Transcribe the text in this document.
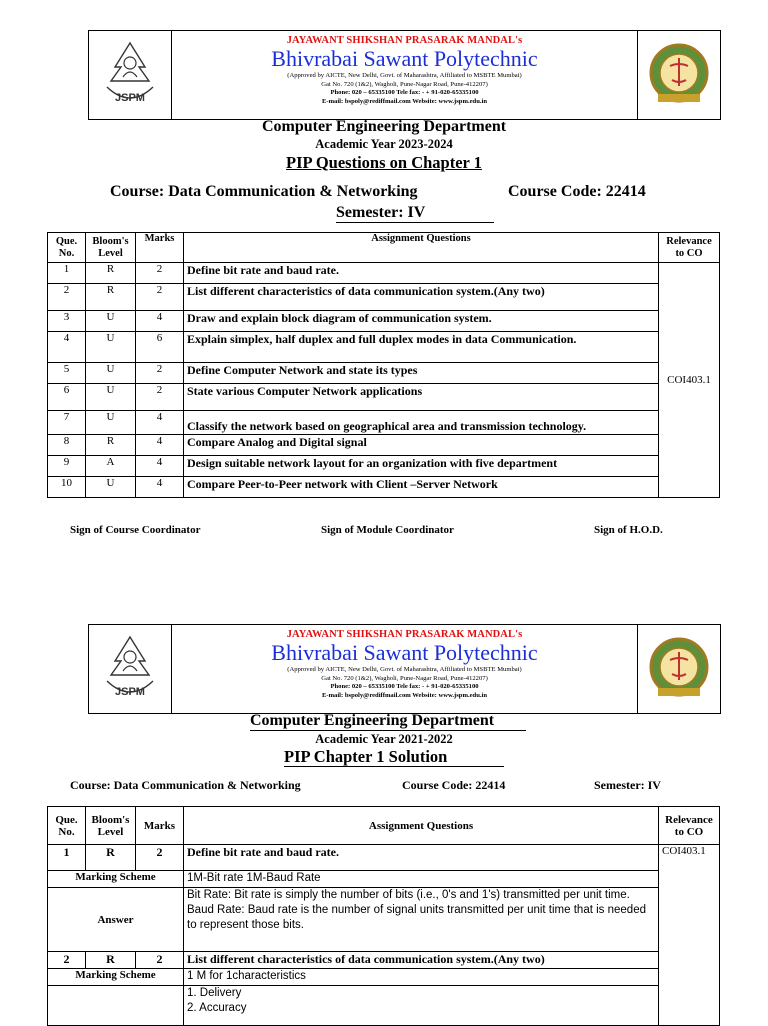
JSPM
JAYAWANT SHIKSHAN PRASARAK MANDAL's
Bhivrabai Sawant Polytechnic
(Approved by AICTE, New Delhi, Govt. of Maharashtra, Affiliated to MSBTE Mumbai)
Gat No. 720 (1&2), Wagholi, Pune-Nagar Road, Pune-412207)
Phone: 020 – 65335100 Tele fax: - + 91-020-65335100
E-mail: bspoly@rediffmail.com Website: www.jspm.edu.in
Computer Engineering Department
Academic Year 2023-2024
PIP Questions on Chapter 1
Course: Data Communication & Networking	Course Code: 22414
Semester: IV
Que. No.	Bloom's Level	Marks	Assignment Questions	Relevance to CO
1	R	2	Define bit rate and baud rate.	COI403.1
2	R	2	List different characteristics of data communication system.(Any two)	
3	U	4	Draw and explain block diagram of communication system.	
4	U	6	Explain simplex, half duplex and full duplex modes in data Communication.	
5	U	2	Define Computer Network and state its types	
6	U	2	State various Computer Network applications	
7	U	4	Classify the network based on geographical area and transmission technology.	
8	R	4	Compare Analog and Digital signal	
9	A	4	Design suitable network layout for an organization with five department	
10	U	4	Compare Peer-to-Peer network with Client –Server Network	
Sign of Course Coordinator	Sign of Module Coordinator	Sign of H.O.D.
JSPM
JAYAWANT SHIKSHAN PRASARAK MANDAL's
Bhivrabai Sawant Polytechnic
(Approved by AICTE, New Delhi, Govt. of Maharashtra, Affiliated to MSBTE Mumbai)
Gat No. 720 (1&2), Wagholi, Pune-Nagar Road, Pune-412207)
Phone: 020 – 65335100 Tele fax: - + 91-020-65335100
E-mail: bspoly@rediffmail.com Website: www.jspm.edu.in
Computer Engineering Department
Academic Year 2021-2022
PIP Chapter 1 Solution
Course: Data Communication & Networking	Course Code: 22414	Semester: IV
Que. No.	Bloom's Level	Marks	Assignment Questions	Relevance to CO
1	R	2	Define bit rate and baud rate.	COI403.1
Marking Scheme			1M-Bit rate 1M-Baud Rate	
Answer			Bit Rate: Bit rate is simply the number of bits (i.e., 0's and 1's) transmitted per unit time.
Baud Rate: Baud rate is the number of signal units transmitted per unit time that is needed to represent those bits.	

2	R	2	List different characteristics of data communication system.(Any two)	
Marking Scheme			1 M for 1characteristics	

			1. Delivery
2. Accuracy	
